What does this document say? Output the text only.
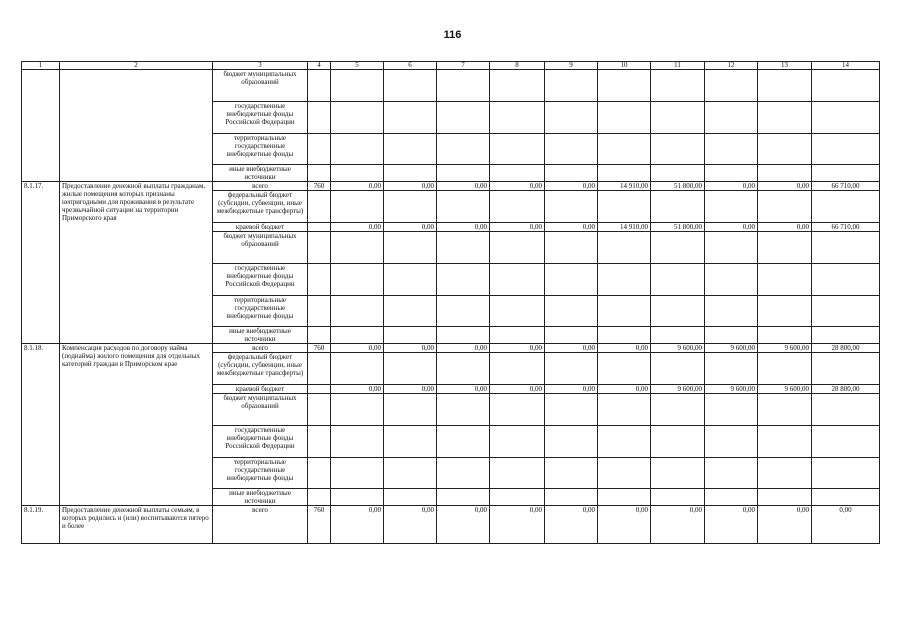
116
1	2	3	4	5	6	7	8	9	10	11	12	13	14
		бюджет муниципальных образований											
		государственные внебюджетные фонды Российской Федерации											
		территориальные государственные внебюджетные фонды											
		иные внебюджетные источники											
8.1.17.	Предоставление денежной выплаты гражданам, жилые помещения которых признаны непригодными для проживания в результате чрезвычайной ситуации на территории Приморского края	всего	760	0,00	0,00	0,00	0,00	0,00	14 910,00	51 800,00	0,00	0,00	66 710,00
		федеральный бюджет (субсидии, субвенции, иные межбюджетные трансферты)											
		краевой бюджет		0,00	0,00	0,00	0,00	0,00	14 910,00	51 800,00	0,00	0,00	66 710,00
		бюджет муниципальных образований											
		государственные внебюджетные фонды Российской Федерации											
		территориальные государственные внебюджетные фонды											
		иные внебюджетные источники											
8.1.18.	Компенсация расходов по договору найма (поднайма) жилого помещения для отдельных категорий граждан в Приморском крае	всего	760	0,00	0,00	0,00	0,00	0,00	0,00	9 600,00	9 600,00	9 600,00	28 800,00
		федеральный бюджет (субсидии, субвенции, иные межбюджетные трансферты)											
		краевой бюджет		0,00	0,00	0,00	0,00	0,00	0,00	9 600,00	9 600,00	9 600,00	28 800,00
		бюджет муниципальных образований											
		государственные внебюджетные фонды Российской Федерации											
		территориальные государственные внебюджетные фонды											
		иные внебюджетные источники											
8.1.19.	Предоставление денежной выплаты семьям, в которых родились и (или) воспитываются пятеро и более	всего	760	0,00	0,00	0,00	0,00	0,00	0,00	0,00	0,00	0,00	0,00
